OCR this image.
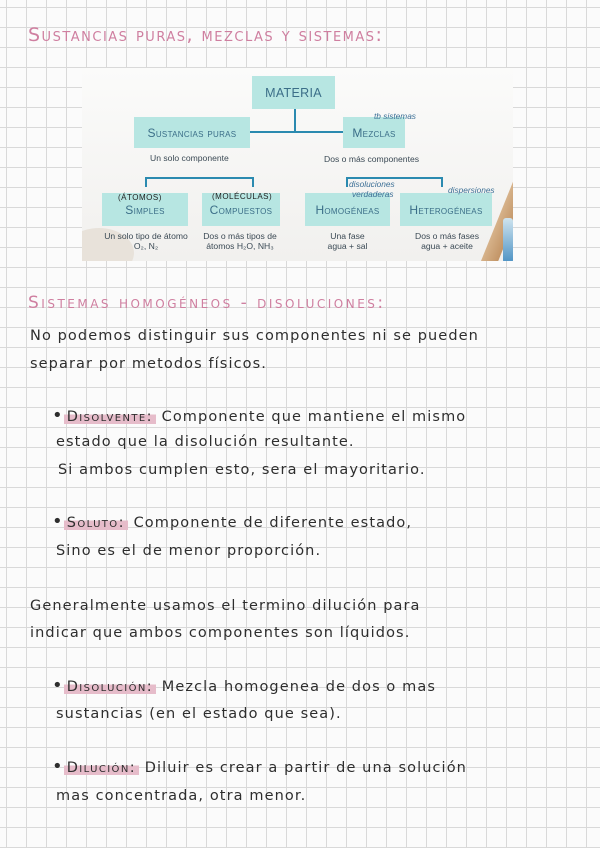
Sustancias puras, mezclas y sistemas:
MATERIA
Sustancias puras	Mezclas
Simples	Compuestos	Homogéneas	Heterogéneas
tb sistemas
Un solo componente	Dos o más componentes
disoluciones
verdaderas	dispersiones
(ÁTOMOS)	(MOLÉCULAS)
Un solo tipo de átomo
O₂, N₂
Dos o más tipos de
átomos H₂O, NH₃
Una fase
agua + sal
Dos o más fases
agua + aceite
Sistemas homogéneos - disoluciones:
No podemos distinguir sus componentes ni se pueden
separar por metodos físicos.
• Disolvente: Componente que mantiene el mismo
estado que la disolución resultante.
Si ambos cumplen esto, sera el mayoritario.
• Soluto: Componente de diferente estado,
Sino es el de menor proporción.
Generalmente usamos el termino dilución para
indicar que ambos componentes son líquidos.
• Disolución: Mezcla homogenea de dos o mas
sustancias (en el estado que sea).
• Dilución: Diluir es crear a partir de una solución
mas concentrada, otra menor.
